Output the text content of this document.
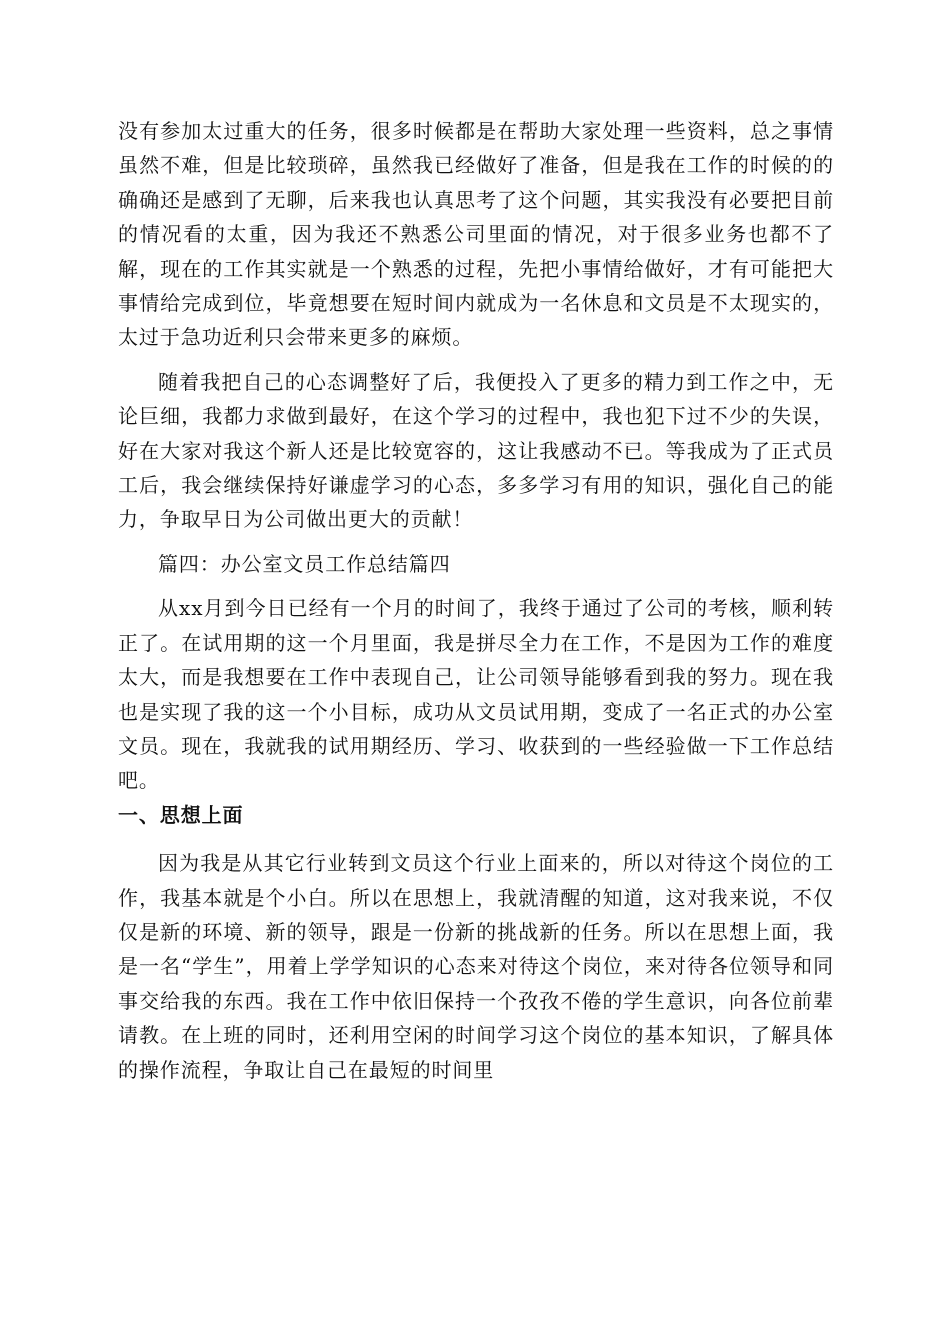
没有参加太过重大的任务，很多时候都是在帮助大家处理一些资料，总之事情虽然不难，但是比较琐碎，虽然我已经做好了准备，但是我在工作的时候的的确确还是感到了无聊，后来我也认真思考了这个问题，其实我没有必要把目前的情况看的太重，因为我还不熟悉公司里面的情况，对于很多业务也都不了解，现在的工作其实就是一个熟悉的过程，先把小事情给做好，才有可能把大事情给完成到位，毕竟想要在短时间内就成为一名休息和文员是不太现实的，太过于急功近利只会带来更多的麻烦。

随着我把自己的心态调整好了后，我便投入了更多的精力到工作之中，无论巨细，我都力求做到最好，在这个学习的过程中，我也犯下过不少的失误，好在大家对我这个新人还是比较宽容的，这让我感动不已。等我成为了正式员工后，我会继续保持好谦虚学习的心态，多多学习有用的知识，强化自己的能力，争取早日为公司做出更大的贡献！

篇四：办公室文员工作总结篇四

从xx月到今日已经有一个月的时间了，我终于通过了公司的考核，顺利转正了。在试用期的这一个月里面，我是拼尽全力在工作，不是因为工作的难度太大，而是我想要在工作中表现自己，让公司领导能够看到我的努力。现在我也是实现了我的这一个小目标，成功从文员试用期，变成了一名正式的办公室文员。现在，我就我的试用期经历、学习、收获到的一些经验做一下工作总结吧。

一、思想上面

因为我是从其它行业转到文员这个行业上面来的，所以对待这个岗位的工作，我基本就是个小白。所以在思想上，我就清醒的知道，这对我来说，不仅仅是新的环境、新的领导，跟是一份新的挑战新的任务。所以在思想上面，我是一名“学生”，用着上学学知识的心态来对待这个岗位，来对待各位领导和同事交给我的东西。我在工作中依旧保持一个孜孜不倦的学生意识，向各位前辈请教。在上班的同时，还利用空闲的时间学习这个岗位的基本知识，了解具体的操作流程，争取让自己在最短的时间里
